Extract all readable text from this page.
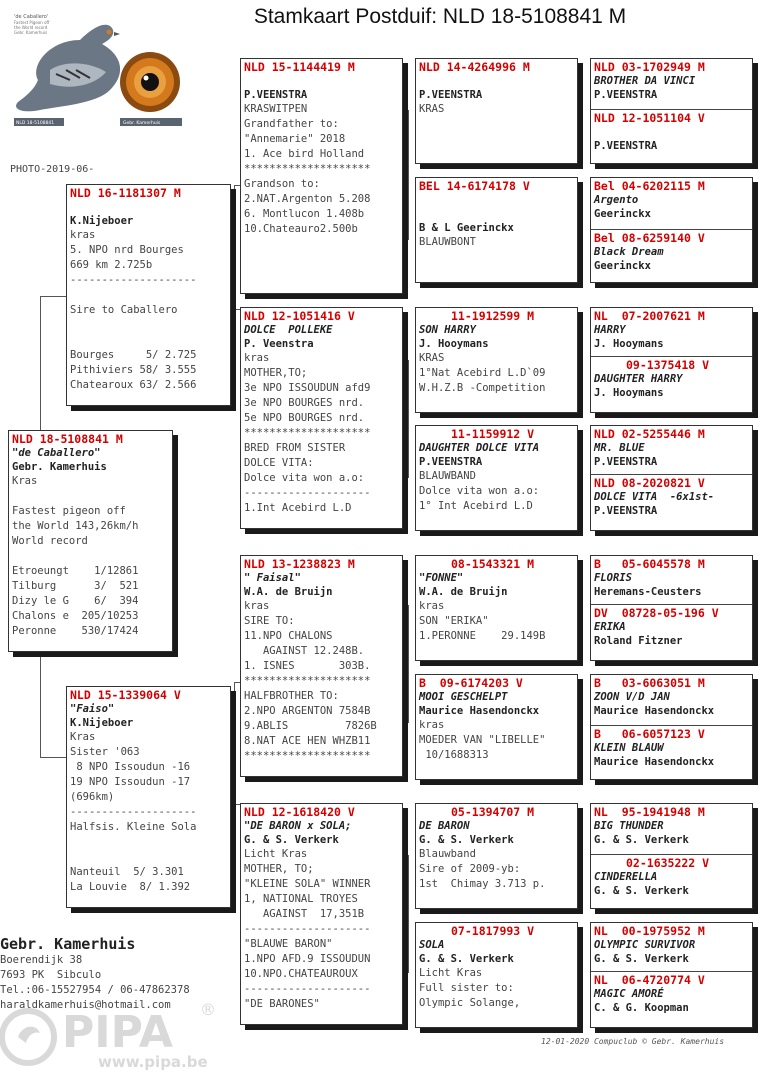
Stamkaart Postduif: NLD 18-5108841 M
'de Caballero'
Fastest Pigeon off
the World record
Gebr. Kamerhuis
NLD 18-5108841	Gebr. Kamerhuis
PHOTO-2019-06-
NLD 18-5108841 M
"de Caballero"
Gebr. Kamerhuis
Kras
Fastest pigeon off
the World 143,26km/h
World record
Etroeungt    1/12861
Tilburg      3/  521
Dizy le G    6/  394
Chalons e  205/10253
Peronne    530/17424
NLD 16-1181307 M
K.Nijeboer
kras
5. NPO nrd Bourges
669 km 2.725b
--------------------
Sire to Caballero
Bourges     5/ 2.725
Pithiviers 58/ 3.555
Chatearoux 63/ 2.566
NLD 15-1339064 V
"Faiso"
K.Nijeboer
Kras
Sister '063
8 NPO Issoudun -16
19 NPO Issoudun -17
(696km)
--------------------
Halfsis. Kleine Sola
Nanteuil  5/ 3.301
La Louvie  8/ 1.392
NLD 15-1144419 M
P.VEENSTRA
KRASWITPEN
Grandfather to:
"Annemarie" 2018
1. Ace bird Holland
********************
Grandson to:
2.NAT.Argenton 5.208
6. Montlucon 1.408b
10.Chateauro2.500b
NLD 12-1051416 V
DOLCE  POLLEKE
P. Veenstra
kras
MOTHER,TO;
3e NPO ISSOUDUN afd9
3e NPO BOURGES nrd.
5e NPO BOURGES nrd.
********************
BRED FROM SISTER
DOLCE VITA:
Dolce vita won a.o:
--------------------
1.Int Acebird L.D
NLD 13-1238823 M
" Faisal"
W.A. de Bruijn
kras
SIRE TO:
11.NPO CHALONS
AGAINST 12.248B.
1. ISNES       303B.
********************
HALFBROTHER TO:
2.NPO ARGENTON 7584B
9.ABLIS         7826B
8.NAT ACE HEN WHZB11
********************
NLD 12-1618420 V
"DE BARON x SOLA;
G. & S. Verkerk
Licht Kras
MOTHER, TO;
"KLEINE SOLA" WINNER
1, NATIONAL TROYES
AGAINST  17,351B
--------------------
"BLAUWE BARON"
1.NPO AFD.9 ISSOUDUN
10.NPO.CHATEAUROUX
--------------------
"DE BARONES"
NLD 14-4264996 M
P.VEENSTRA
KRAS
BEL 14-6174178 V
B & L Geerinckx
BLAUWBONT
11-1912599 M
SON HARRY
J. Hooymans
KRAS
1°Nat Acebird L.D`09
W.H.Z.B -Competition
11-1159912 V
DAUGHTER DOLCE VITA
P.VEENSTRA
BLAUWBAND
Dolce vita won a.o:
1° Int Acebird L.D
08-1543321 M
"FONNE"
W.A. de Bruijn
kras
SON "ERIKA"
1.PERONNE    29.149B
B  09-6174203 V
MOOI GESCHELPT
Maurice Hasendonckx
kras
MOEDER VAN "LIBELLE"
10/1688313
05-1394707 M
DE BARON
G. & S. Verkerk
Blauwband
Sire of 2009-yb:
1st  Chimay 3.713 p.
07-1817993 V
SOLA
G. & S. Verkerk
Licht Kras
Full sister to:
Olympic Solange,
NLD 03-1702949 M
BROTHER DA VINCI
P.VEENSTRA
NLD 12-1051104 V
P.VEENSTRA
Bel 04-6202115 M
Argento
Geerinckx
Bel 08-6259140 V
Black Dream
Geerinckx
NL  07-2007621 M
HARRY
J. Hooymans
09-1375418 V
DAUGHTER HARRY
J. Hooymans
NLD 02-5255446 M
MR. BLUE
P.VEENSTRA
NLD 08-2020821 V
DOLCE VITA  -6x1st-
P.VEENSTRA
B   05-6045578 M
FLORIS
Heremans-Ceusters
DV  08728-05-196 V
ERIKA
Roland Fitzner
B   03-6063051 M
ZOON V/D JAN
Maurice Hasendonckx
B   06-6057123 V
KLEIN BLAUW
Maurice Hasendonckx
NL  95-1941948 M
BIG THUNDER
G. & S. Verkerk
02-1635222 V
CINDERELLA
G. & S. Verkerk
NL  00-1975952 M
OLYMPIC SURVIVOR
G. & S. Verkerk
NL  06-4720774 V
MAGIC AMORÉ
C. & G. Koopman
Gebr. Kamerhuis
Boerendijk 38
7693 PK  Sibculo
Tel.:06-15527954 / 06-47862378
haraldkamerhuis@hotmail.com
PIPA ®
www.pipa.be
12-01-2020 Compuclub © Gebr. Kamerhuis
